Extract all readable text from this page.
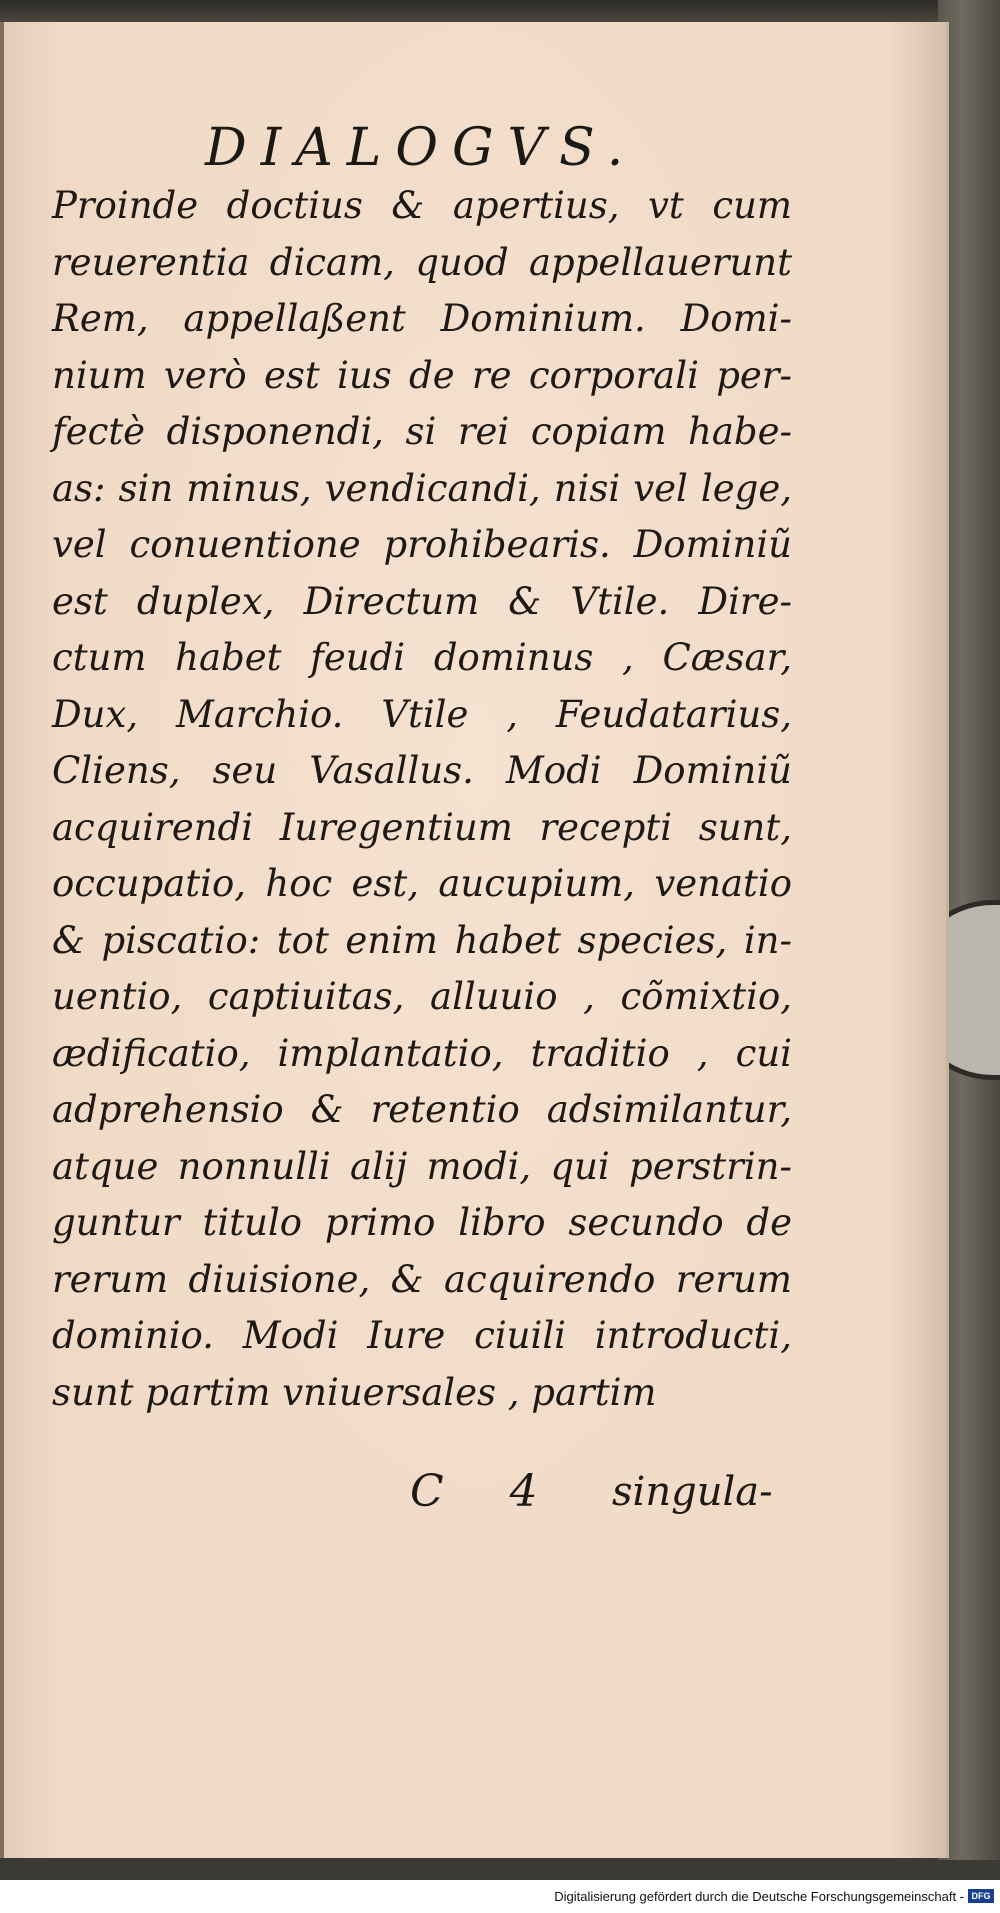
DIALOGVS.
Proinde doctius & apertius, vt cum
reuerentia dicam, quod appellauerunt
Rem, appellaßent Dominium. Domi-
nium verò est ius de re corporali per-
fectè disponendi, si rei copiam habe-
as: sin minus, vendicandi, nisi vel lege,
vel conuentione prohibearis. Dominiũ
est duplex, Directum & Vtile. Dire-
ctum habet feudi dominus , Cæsar,
Dux, Marchio. Vtile , Feudatarius,
Cliens, seu Vasallus. Modi Dominiũ
acquirendi Iuregentium recepti sunt,
occupatio, hoc est, aucupium, venatio
& piscatio: tot enim habet species, in-
uentio, captiuitas, alluuio , cõmixtio,
ædificatio, implantatio, traditio , cui
adprehensio & retentio adsimilantur,
atque nonnulli alij modi, qui perstrin-
guntur titulo primo libro secundo de
rerum diuisione, & acquirendo rerum
dominio. Modi Iure ciuili introducti,
sunt partim vniuersales , partim
C 4 singula-
Digitalisierung gefördert durch die Deutsche Forschungsgemeinschaft - DFG
